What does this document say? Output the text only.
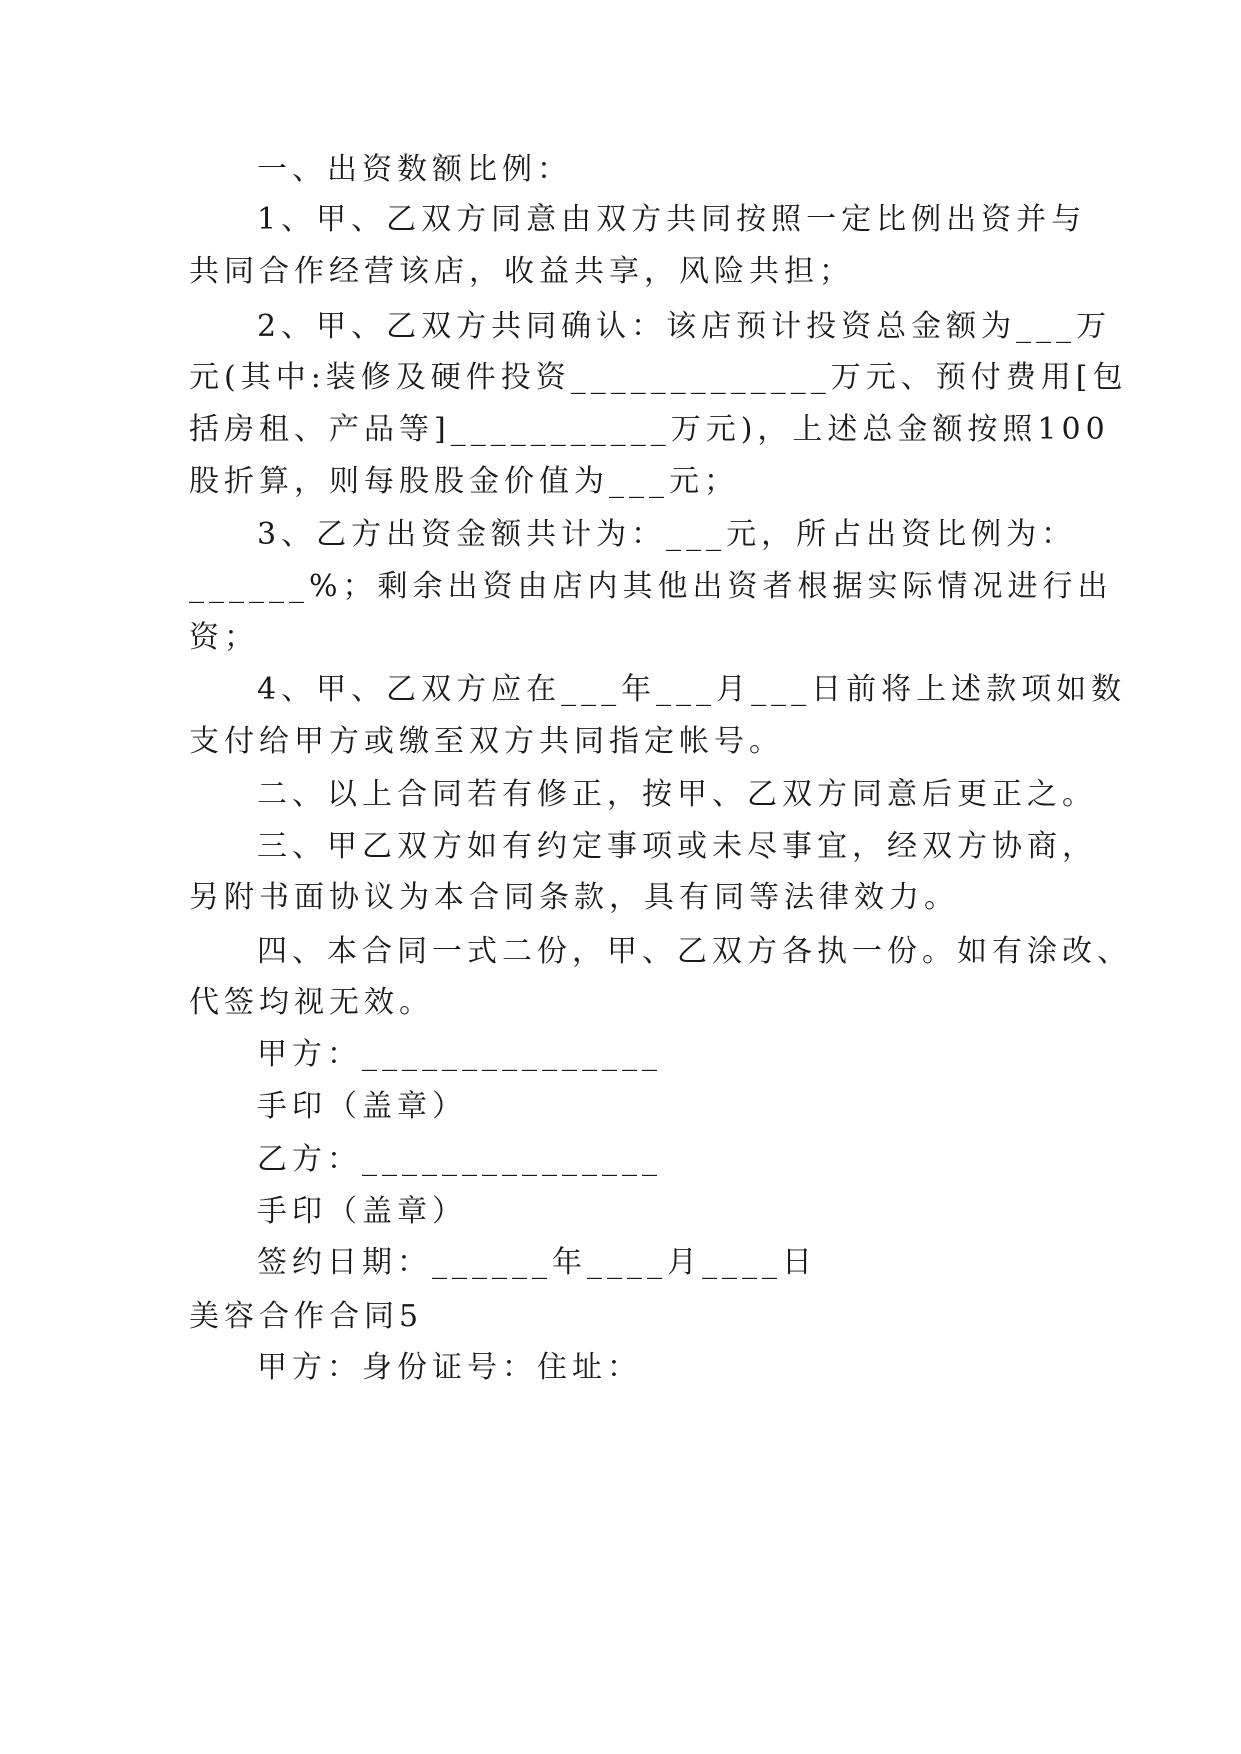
一、出资数额比例：

1、甲、乙双方同意由双方共同按照一定比例出资并与

共同合作经营该店，收益共享，风险共担；

2、甲、乙双方共同确认：该店预计投资总金额为___万

元(其中:装修及硬件投资_____________万元、预付费用[包

括房租、产品等]___________万元)，上述总金额按照100

股折算，则每股股金价值为___元；

3、乙方出资金额共计为：___元，所占出资比例为：

______%；剩余出资由店内其他出资者根据实际情况进行出

资；

4、甲、乙双方应在___年___月___日前将上述款项如数

支付给甲方或缴至双方共同指定帐号。

二、以上合同若有修正，按甲、乙双方同意后更正之。

三、甲乙双方如有约定事项或未尽事宜，经双方协商，

另附书面协议为本合同条款，具有同等法律效力。

四、本合同一式二份，甲、乙双方各执一份。如有涂改、

代签均视无效。

甲方：_______________

手印（盖章）

乙方：_______________

手印（盖章）

签约日期：______年____月____日

美容合作合同5

甲方：身份证号：住址：
